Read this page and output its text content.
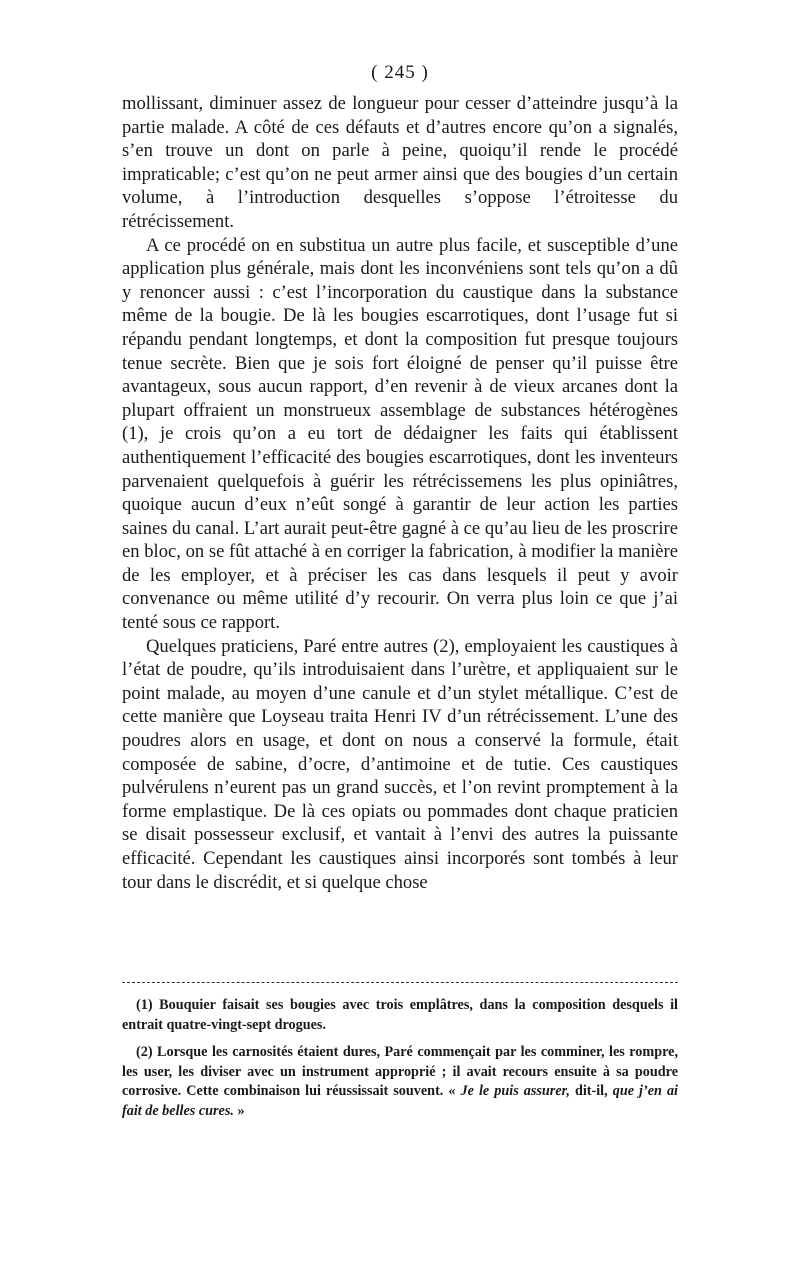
( 245 )

mollissant, diminuer assez de longueur pour cesser d’atteindre jusqu’à la partie malade. A côté de ces défauts et d’autres encore qu’on a signalés, s’en trouve un dont on parle à peine, quoiqu’il rende le procédé impraticable; c’est qu’on ne peut armer ainsi que des bougies d’un certain volume, à l’introduction desquelles s’oppose l’étroitesse du rétrécissement.

A ce procédé on en substitua un autre plus facile, et susceptible d’une application plus générale, mais dont les inconvéniens sont tels qu’on a dû y renoncer aussi : c’est l’incorporation du caustique dans la substance même de la bougie. De là les bougies escarrotiques, dont l’usage fut si répandu pendant longtemps, et dont la composition fut presque toujours tenue secrète. Bien que je sois fort éloigné de penser qu’il puisse être avantageux, sous aucun rapport, d’en revenir à de vieux arcanes dont la plupart offraient un monstrueux assemblage de substances hétérogènes (1), je crois qu’on a eu tort de dédaigner les faits qui établissent authentiquement l’efficacité des bougies escarrotiques, dont les inventeurs parvenaient quelquefois à guérir les rétrécissemens les plus opiniâtres, quoique aucun d’eux n’eût songé à garantir de leur action les parties saines du canal. L’art aurait peut-être gagné à ce qu’au lieu de les proscrire en bloc, on se fût attaché à en corriger la fabrication, à modifier la manière de les employer, et à préciser les cas dans lesquels il peut y avoir convenance ou même utilité d’y recourir. On verra plus loin ce que j’ai tenté sous ce rapport.

Quelques praticiens, Paré entre autres (2), employaient les caustiques à l’état de poudre, qu’ils introduisaient dans l’urètre, et appliquaient sur le point malade, au moyen d’une canule et d’un stylet métallique. C’est de cette manière que Loyseau traita Henri IV d’un rétrécissement. L’une des poudres alors en usage, et dont on nous a conservé la formule, était composée de sabine, d’ocre, d’antimoine et de tutie. Ces caustiques pulvérulens n’eurent pas un grand succès, et l’on revint promptement à la forme emplastique. De là ces opiats ou pommades dont chaque praticien se disait possesseur exclusif, et vantait à l’envi des autres la puissante efficacité. Cependant les caustiques ainsi incorporés sont tombés à leur tour dans le discrédit, et si quelque chose

(1) Bouquier faisait ses bougies avec trois emplâtres, dans la composition desquels il entrait quatre-vingt-sept drogues.

(2) Lorsque les carnosités étaient dures, Paré commençait par les comminer, les rompre, les user, les diviser avec un instrument approprié ; il avait recours ensuite à sa poudre corrosive. Cette combinaison lui réussissait souvent. « Je le puis assurer, dit-il, que j’en ai fait de belles cures. »
